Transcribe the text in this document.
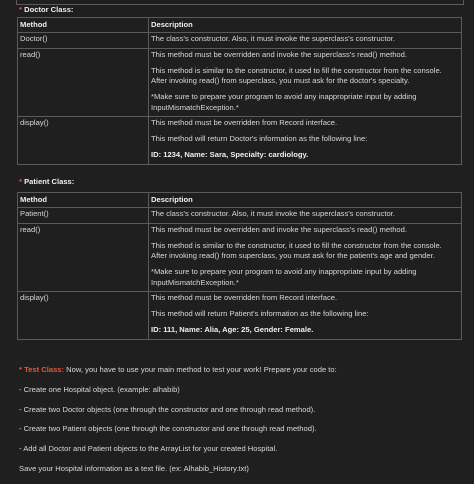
* Doctor Class:
Method	Description
Doctor()	The class's constructor. Also, it must invoke the superclass's constructor.

read()	This method must be overridden and invoke the superclass's read() method.

This method is similar to the constructor, it used to fill the constructor from the console. After invoking read() from superclass, you must ask for the doctor's specialty.

*Make sure to prepare your program to avoid any inappropriate input by adding InputMismatchException.*

display()	This method must be overridden from Record interface.

This method will return Doctor's information as the following line:

ID: 1234, Name: Sara, Specialty: cardiology.

* Patient Class:
Method	Description
Patient()	The class's constructor. Also, it must invoke the superclass's constructor.

read()	This method must be overridden and invoke the superclass's read() method.

This method is similar to the constructor, it used to fill the constructor from the console. After invoking read() from superclass, you must ask for the patient's age and gender.

*Make sure to prepare your program to avoid any inappropriate input by adding InputMismatchException.*

display()	This method must be overridden from Record interface.

This method will return Patient's information as the following line:

ID: 111, Name: Alia, Age: 25, Gender: Female.

* Test Class: Now, you have to use your main method to test your work! Prepare your code to:

- Create one Hospital object. (example: alhabib)

- Create two Doctor objects (one through the constructor and one through read method).

- Create two Patient objects (one through the constructor and one through read method).

- Add all Doctor and Patient objects to the ArrayList for your created Hospital.

Save your Hospital information as a text file. (ex: Alhabib_History.txt)
